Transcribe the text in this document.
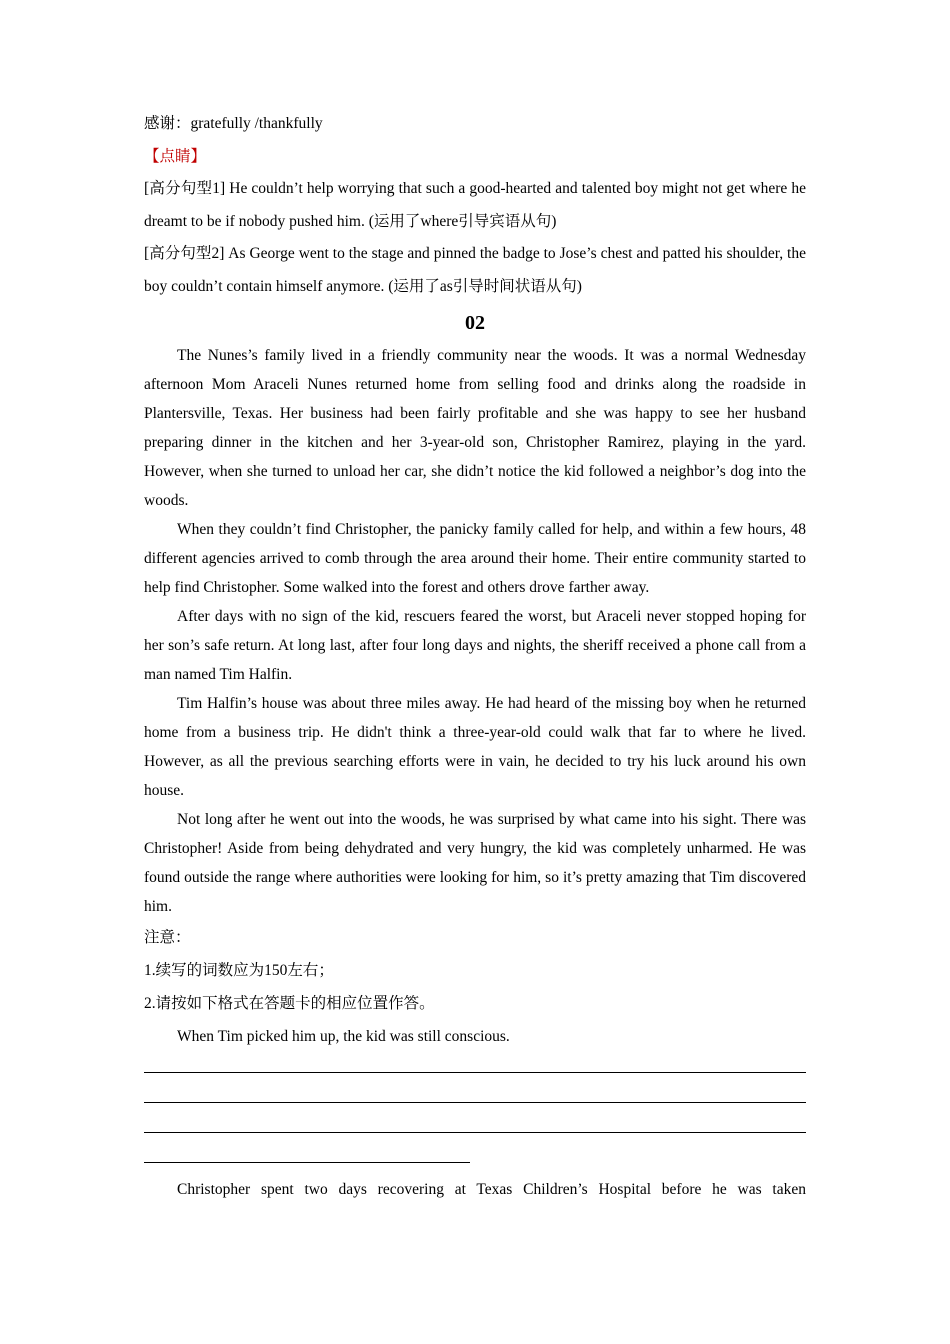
感谢：gratefully /thankfully

【点睛】

[高分句型1] He couldn’t help worrying that such a good-hearted and talented boy might not get where he dreamt to be if nobody pushed him. (运用了where引导宾语从句)

[高分句型2] As George went to the stage and pinned the badge to Jose’s chest and patted his shoulder, the boy couldn’t contain himself anymore. (运用了as引导时间状语从句)

02

The Nunes’s family lived in a friendly community near the woods. It was a normal Wednesday afternoon Mom Araceli Nunes returned home from selling food and drinks along the roadside in Plantersville, Texas. Her business had been fairly profitable and she was happy to see her husband preparing dinner in the kitchen and her 3-year-old son, Christopher Ramirez, playing in the yard. However, when she turned to unload her car, she didn’t notice the kid followed a neighbor’s dog into the woods.

When they couldn’t find Christopher, the panicky family called for help, and within a few hours, 48 different agencies arrived to comb through the area around their home. Their entire community started to help find Christopher. Some walked into the forest and others drove farther away.

After days with no sign of the kid, rescuers feared the worst, but Araceli never stopped hoping for her son’s safe return. At long last, after four long days and nights, the sheriff received a phone call from a man named Tim Halfin.

Tim Halfin’s house was about three miles away. He had heard of the missing boy when he returned home from a business trip. He didn't think a three-year-old could walk that far to where he lived. However, as all the previous searching efforts were in vain, he decided to try his luck around his own house.

Not long after he went out into the woods, he was surprised by what came into his sight. There was Christopher! Aside from being dehydrated and very hungry, the kid was completely unharmed. He was found outside the range where authorities were looking for him, so it’s pretty amazing that Tim discovered him.

注意：

1.续写的词数应为150左右；

2.请按如下格式在答题卡的相应位置作答。

When Tim picked him up, the kid was still conscious.

Christopher spent two days recovering at Texas Children’s Hospital before he was taken
